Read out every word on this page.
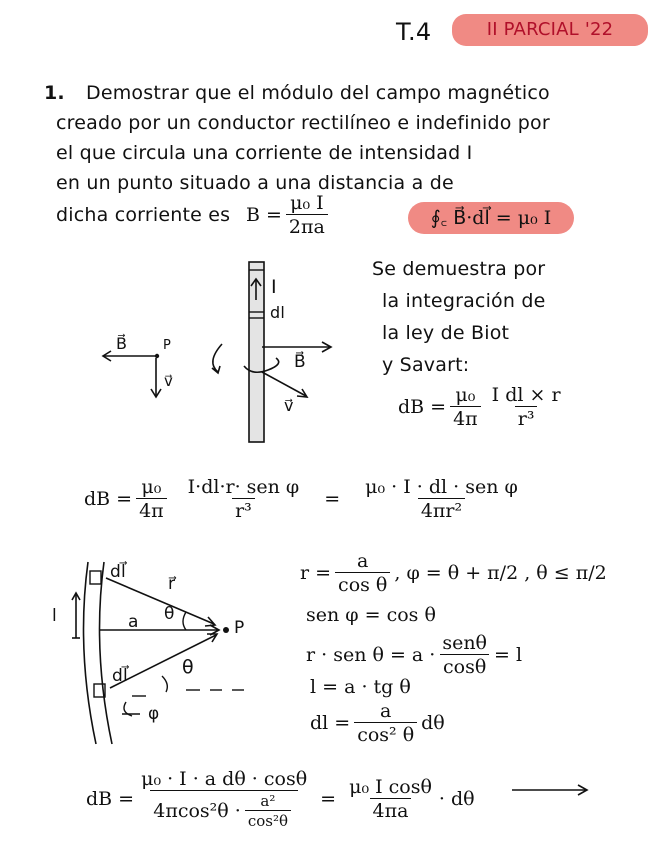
T.4	II PARCIAL '22
1. Demostrar que el módulo del campo magnético
creado por un conductor rectilíneo e indefinido por
el que circula una corriente de intensidad I
en un punto situado a una distancia a de
dicha corriente es $B = \frac{\text{μ₀ I}}{2\pi a}$	∮꜀ B⃗·dl⃗ = μ₀ I
I
dl
B⃗
v⃗
B⃗	P
v⃗
Se demuestra por
la integración de
la ley de Biot
y Savart:
dB = $\frac{\text{μ₀}}{4\pi} \frac{\text{I dl × r}}{\text{r³}}$
dB = $\frac{\text{μ₀}}{4\pi} \frac{\text{I·dl·r· sen φ}}{\text{r³}} = \frac{\text{μ₀ · I · dl · sen φ}}{\text{4πr²}}$
dl⃗
r⃗
θ
a	P
l
dl⃗	θ
φ
$r = \frac{a}{\text{cos θ}}$ , φ = θ + π/2 , θ ≤ π/2
sen φ = cos θ
r · sen $\theta = a \cdot \frac{\text{senθ}}{\cos\theta} = l$
l = a · tg θ
dl = $\frac{a}{\text{cos² θ}}$ dθ
dB = $\frac{\text{μ₀ · I · a dθ · cosθ}}{4\pi\cos^2\theta \cdot \frac{\text{a²}}{\text{cos²θ}}} = \frac{\text{μ₀ I cosθ}}{4\pi a} \cdot d\theta$
